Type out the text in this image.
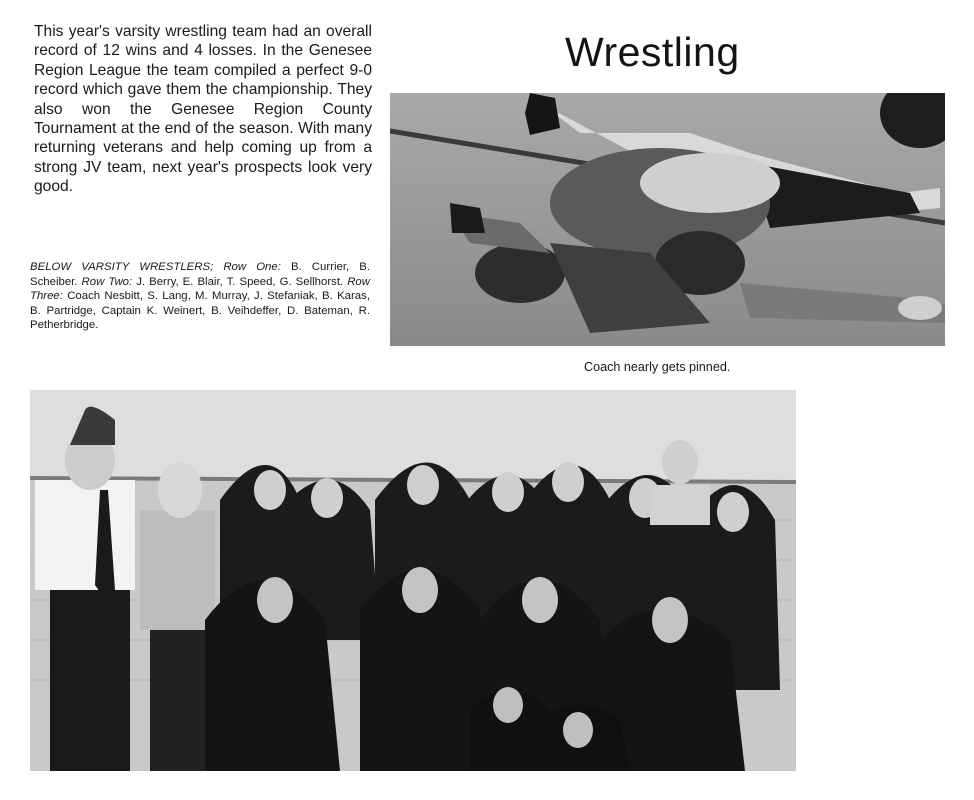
This year's varsity wrestling team had an overall record of 12 wins and 4 losses. In the Genesee Region League the team compiled a perfect 9-0 record which gave them the championship. They also won the Genesee Region County Tournament at the end of the season. With many returning veterans and help coming up from a strong JV team, next year's prospects look very good.

BELOW VARSITY WRESTLERS; Row One: B. Currier, B. Scheiber. Row Two: J. Berry, E. Blair, T. Speed, G. Sellhorst. Row Three: Coach Nesbitt, S. Lang, M. Murray, J. Stefaniak, B. Karas, B. Partridge, Captain K. Weinert, B. Veihdeffer, D. Bateman, R. Petherbridge.

Wrestling

Coach nearly gets pinned.
